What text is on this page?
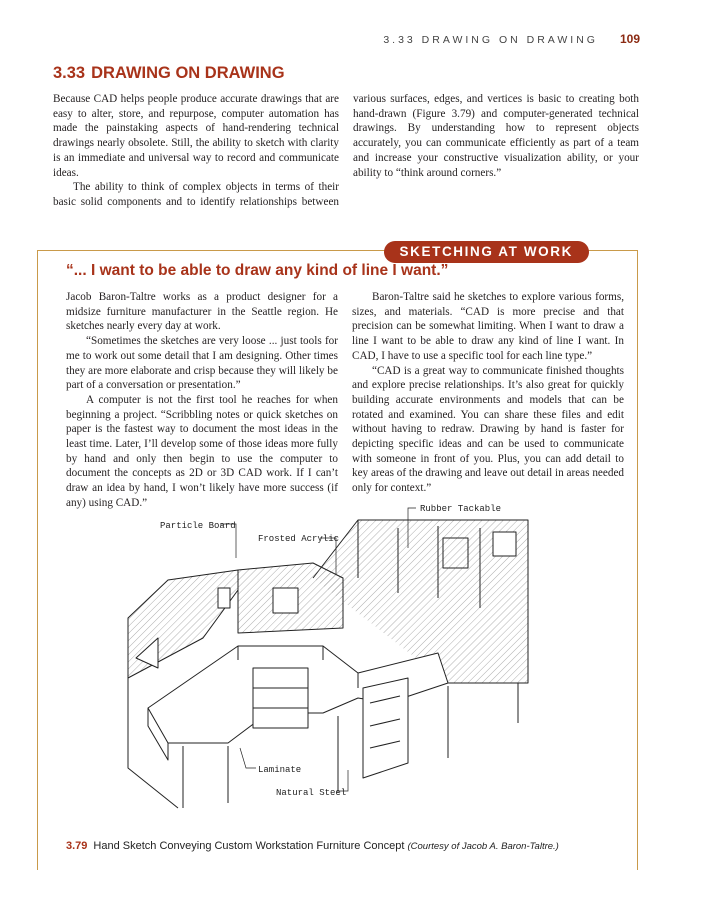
3.33 DRAWING ON DRAWING 109
3.33 DRAWING ON DRAWING

Because CAD helps people produce accurate drawings that are easy to alter, store, and repurpose, computer automation has made the painstaking aspects of hand-rendering technical drawings nearly obsolete. Still, the ability to sketch with clarity is an immediate and universal way to record and communicate ideas.

The ability to think of complex objects in terms of their basic solid components and to identify relationships between various surfaces, edges, and vertices is basic to creating both hand-drawn (Figure 3.79) and computer-generated technical drawings. By understanding how to represent objects accurately, you can communicate efficiently as part of a team and increase your constructive visualization ability, or your ability to “think around corners.”

SKETCHING AT WORK
“... I want to be able to draw any kind of line I want.”

Jacob Baron-Taltre works as a product designer for a midsize furniture manufacturer in the Seattle region. He sketches nearly every day at work.

“Sometimes the sketches are very loose ... just tools for me to work out some detail that I am designing. Other times they are more elaborate and crisp because they will likely be part of a conversation or presentation.”

A computer is not the first tool he reaches for when beginning a project. “Scribbling notes or quick sketches on paper is the fastest way to document the most ideas in the least time. Later, I’ll develop some of those ideas more fully by hand and only then begin to use the computer to document the concepts as 2D or 3D CAD work. If I can’t draw an idea by hand, I won’t likely have more success (if any) using CAD.”

Baron-Taltre said he sketches to explore various forms, sizes, and materials. “CAD is more precise and that precision can be somewhat limiting. When I want to draw a line I want to be able to draw any kind of line I want. In CAD, I have to use a specific tool for each line type.”

“CAD is a great way to communicate finished thoughts and explore precise relationships. It’s also great for quickly building accurate environments and models that can be rotated and examined. You can share these files and edit without having to redraw. Drawing by hand is faster for depicting specific ideas and can be used to communicate with someone in front of you. Plus, you can add detail to key areas of the drawing and leave out detail in areas needed only for context.”

Particle Board
Frosted Acrylic
Rubber Tackable
Laminate
Natural Steel
3.79 Hand Sketch Conveying Custom Workstation Furniture Concept (Courtesy of Jacob A. Baron-Taltre.)
